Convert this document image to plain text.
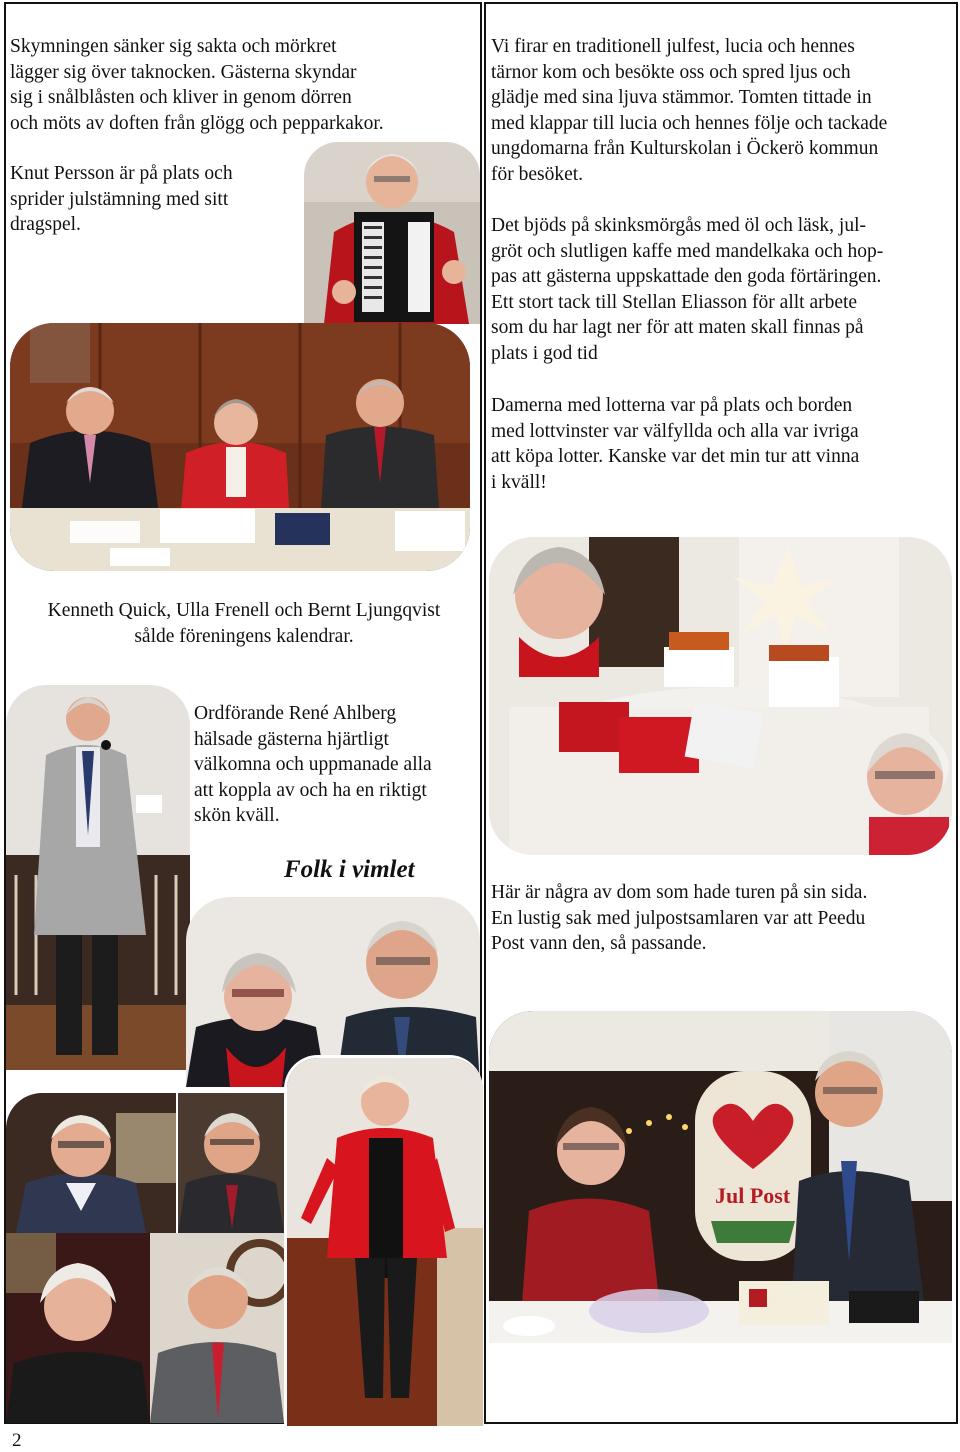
Skymningen sänker sig sakta och mörkret
lägger sig över taknocken. Gästerna skyndar
sig i snålblåsten och kliver in genom dörren
och möts av doften från glögg och pepparkakor.

Knut Persson är på plats och
sprider julstämning med sitt
dragspel.

Kenneth Quick, Ulla Frenell och Bernt Ljungqvist
sålde föreningens kalendrar.

Ordförande René Ahlberg
hälsade gästerna hjärtligt
välkomna och uppmanade alla
att koppla av och ha en riktigt
skön kväll.

Folk i vimlet
2

Vi firar en traditionell julfest, lucia och hennes
tärnor kom och besökte oss och spred ljus och
glädje med sina ljuva stämmor. Tomten tittade in
med klappar till lucia och hennes följe och tackade
ungdomarna från Kulturskolan i Öckerö kommun
för besöket.

Det bjöds på skinksmörgås med öl och läsk, jul-
gröt och slutligen kaffe med mandelkaka och hop-
pas att gästerna uppskattade den goda förtäringen.
Ett stort tack till Stellan Eliasson för allt arbete
som du har lagt ner för att maten skall finnas på
plats i god tid

Damerna med lotterna var på plats och borden
med lottvinster var välfyllda och alla var ivriga
att köpa lotter. Kanske var det min tur att vinna
i kväll!

Här är några av dom som hade turen på sin sida.
En lustig sak med julpostsamlaren var att Peedu
Post vann den, så passande.

Jul Post
